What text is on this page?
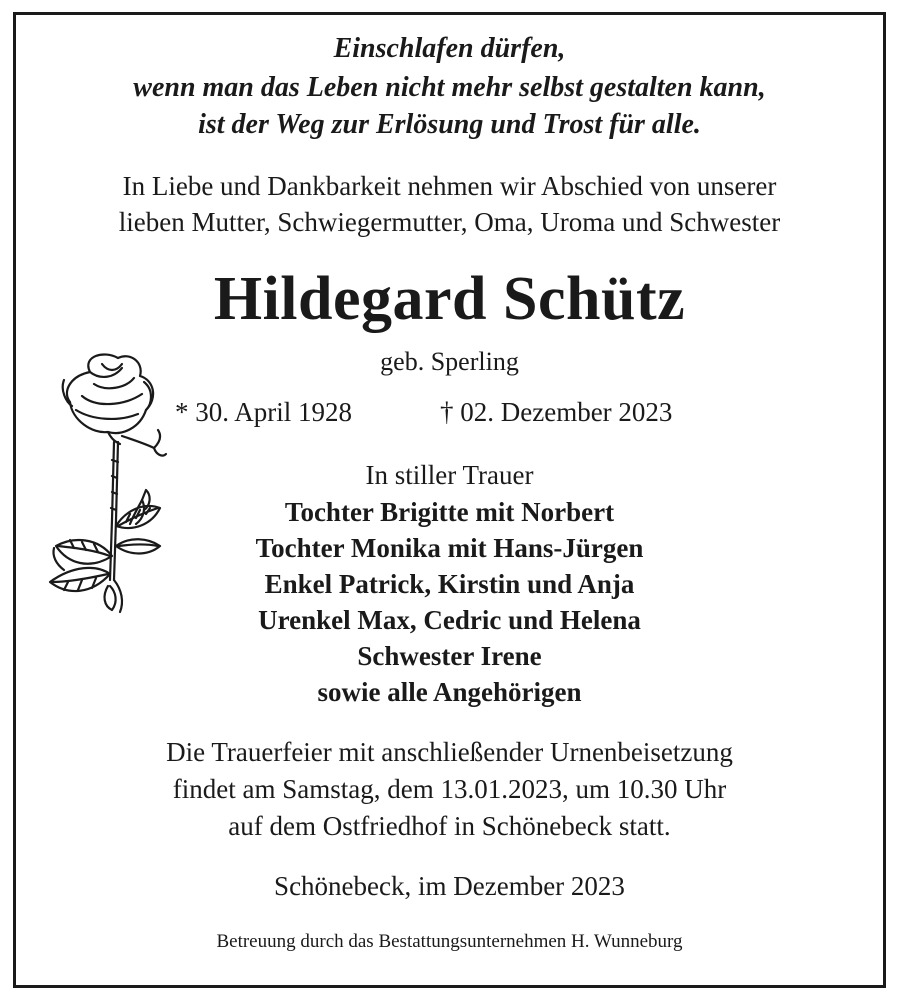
Einschlafen dürfen,
wenn man das Leben nicht mehr selbst gestalten kann,
ist der Weg zur Erlösung und Trost für alle.
In Liebe und Dankbarkeit nehmen wir Abschied von unserer
lieben Mutter, Schwiegermutter, Oma, Uroma und Schwester
Hildegard Schütz
geb. Sperling
* 30. April 1928	† 02. Dezember 2023
In stiller Trauer
Tochter Brigitte mit Norbert
Tochter Monika mit Hans-Jürgen
Enkel Patrick, Kirstin und Anja
Urenkel Max, Cedric und Helena
Schwester Irene
sowie alle Angehörigen
Die Trauerfeier mit anschließender Urnenbeisetzung
findet am Samstag, dem 13.01.2023, um 10.30 Uhr
auf dem Ostfriedhof in Schönebeck statt.
Schönebeck, im Dezember 2023
Betreuung durch das Bestattungsunternehmen H. Wunneburg
